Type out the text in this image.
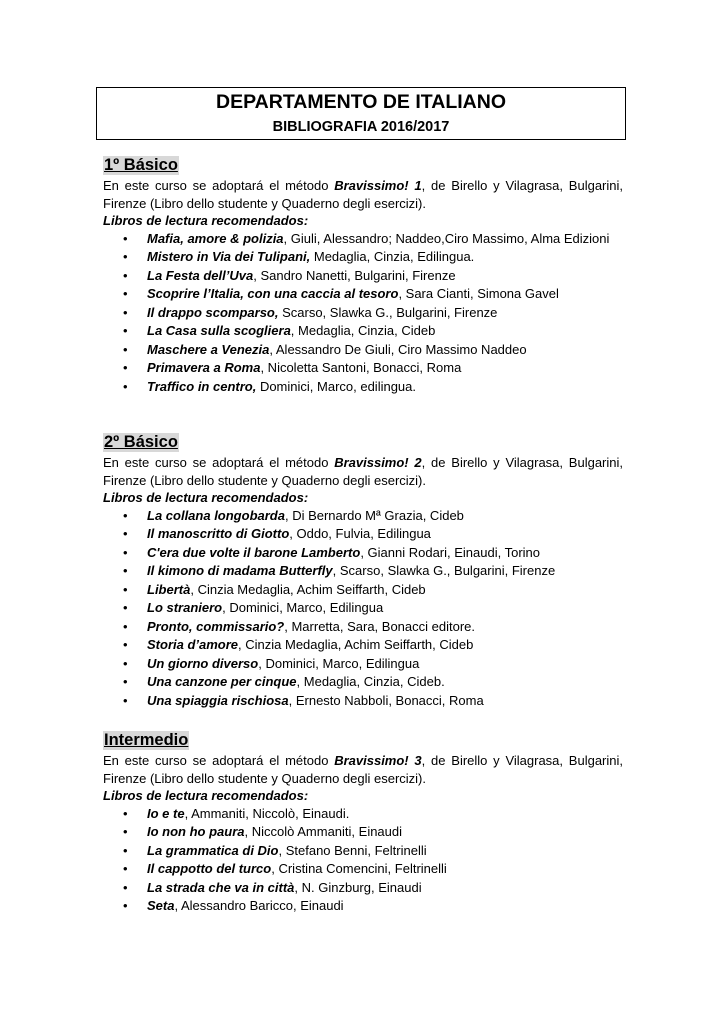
DEPARTAMENTO DE ITALIANO
BIBLIOGRAFIA 2016/2017
1º Básico
En este curso se adoptará el método Bravissimo! 1, de Birello y Vilagrasa, Bulgarini, Firenze (Libro dello studente y Quaderno degli esercizi).
Libros de lectura recomendados:
• Mafia, amore & polizia, Giuli, Alessandro; Naddeo,Ciro Massimo, Alma Edizioni
• Mistero in Via dei Tulipani, Medaglia, Cinzia, Edilingua.
• La Festa dell’Uva, Sandro Nanetti, Bulgarini, Firenze
• Scoprire l’Italia, con una caccia al tesoro, Sara Cianti, Simona Gavel
• Il drappo scomparso, Scarso, Slawka G., Bulgarini, Firenze
• La Casa sulla scogliera, Medaglia, Cinzia, Cideb
• Maschere a Venezia, Alessandro De Giuli, Ciro Massimo Naddeo
• Primavera a Roma, Nicoletta Santoni, Bonacci, Roma
• Traffico in centro, Dominici, Marco, edilingua.
2º Básico
En este curso se adoptará el método Bravissimo! 2, de Birello y Vilagrasa, Bulgarini, Firenze (Libro dello studente y Quaderno degli esercizi).
Libros de lectura recomendados:
• La collana longobarda, Di Bernardo Mª Grazia, Cideb
• Il manoscritto di Giotto, Oddo, Fulvia, Edilingua
• C'era due volte il barone Lamberto, Gianni Rodari, Einaudi, Torino
• Il kimono di madama Butterfly, Scarso, Slawka G., Bulgarini, Firenze
• Libertà, Cinzia Medaglia, Achim Seiffarth, Cideb
• Lo straniero, Dominici, Marco, Edilingua
• Pronto, commissario?, Marretta, Sara, Bonacci editore.
• Storia d’amore, Cinzia Medaglia, Achim Seiffarth, Cideb
• Un giorno diverso, Dominici, Marco, Edilingua
• Una canzone per cinque, Medaglia, Cinzia, Cideb.
• Una spiaggia rischiosa, Ernesto Nabboli, Bonacci, Roma
Intermedio
En este curso se adoptará el método Bravissimo! 3, de Birello y Vilagrasa, Bulgarini, Firenze (Libro dello studente y Quaderno degli esercizi).
Libros de lectura recomendados:
• Io e te, Ammaniti, Niccolò, Einaudi.
• Io non ho paura, Niccolò Ammaniti, Einaudi
• La grammatica di Dio, Stefano Benni, Feltrinelli
• Il cappotto del turco, Cristina Comencini, Feltrinelli
• La strada che va in città, N. Ginzburg, Einaudi
• Seta, Alessandro Baricco, Einaudi
